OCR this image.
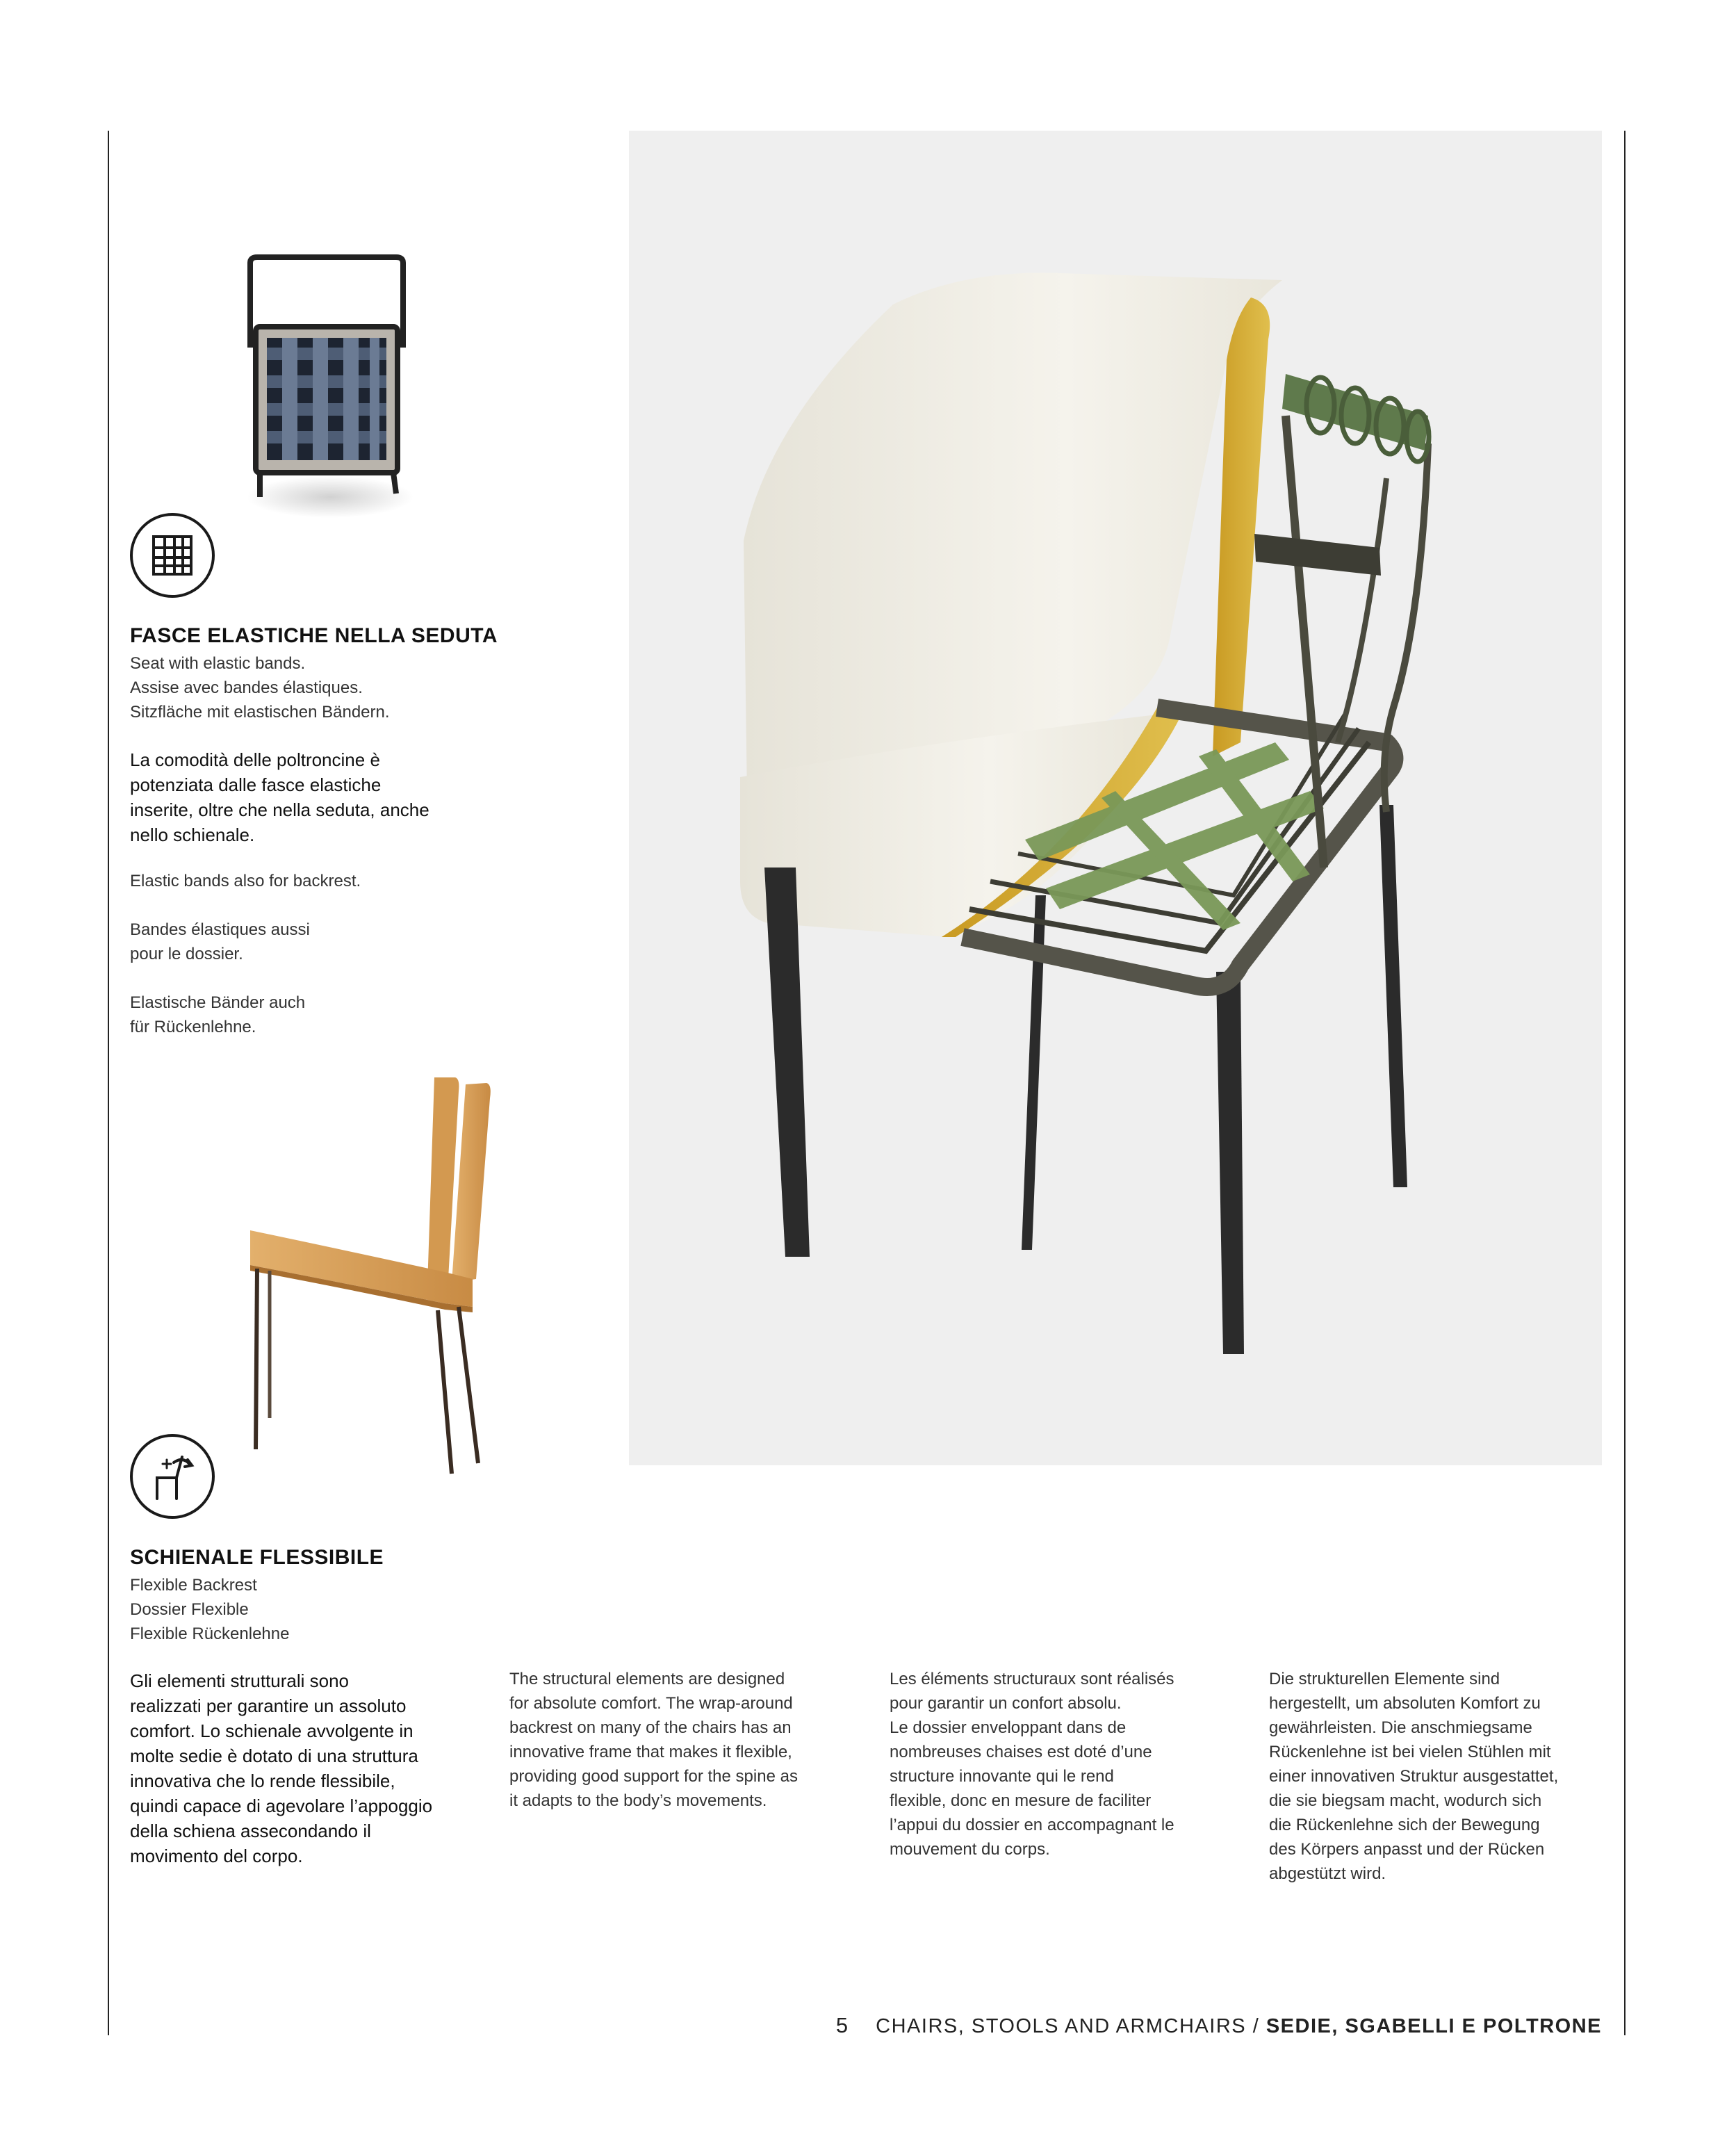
FASCE ELASTICHE NELLA SEDUTA
Seat with elastic bands.
Assise avec bandes élastiques.
Sitzfläche mit elastischen Bändern.
La comodità delle poltroncine è
potenziata dalle fasce elastiche
inserite, oltre che nella seduta, anche
nello schienale.
Elastic bands also for backrest.
Bandes élastiques aussi
pour le dossier.
Elastische Bänder auch
für Rückenlehne.
SCHIENALE FLESSIBILE
Flexible Backrest
Dossier Flexible
Flexible Rückenlehne
Gli elementi strutturali sono
realizzati per garantire un assoluto
comfort. Lo schienale avvolgente in
molte sedie è dotato di una struttura
innovativa che lo rende flessibile,
quindi capace di agevolare l’appoggio
della schiena assecondando il
movimento del corpo.
The structural elements are designed
for absolute comfort. The wrap-around
backrest on many of the chairs has an
innovative frame that makes it flexible,
providing good support for the spine as
it adapts to the body’s movements.
Les éléments structuraux sont réalisés
pour garantir un confort absolu.
Le dossier enveloppant dans de
nombreuses chaises est doté d’une
structure innovante qui le rend
flexible, donc en mesure de faciliter
l’appui du dossier en accompagnant le
mouvement du corps.
Die strukturellen Elemente sind
hergestellt, um absoluten Komfort zu
gewährleisten. Die anschmiegsame
Rückenlehne ist bei vielen Stühlen mit
einer innovativen Struktur ausgestattet,
die sie biegsam macht, wodurch sich
die Rückenlehne sich der Bewegung
des Körpers anpasst und der Rücken
abgestützt wird.
5 CHAIRS, STOOLS AND ARMCHAIRS / SEDIE, SGABELLI E POLTRONE
